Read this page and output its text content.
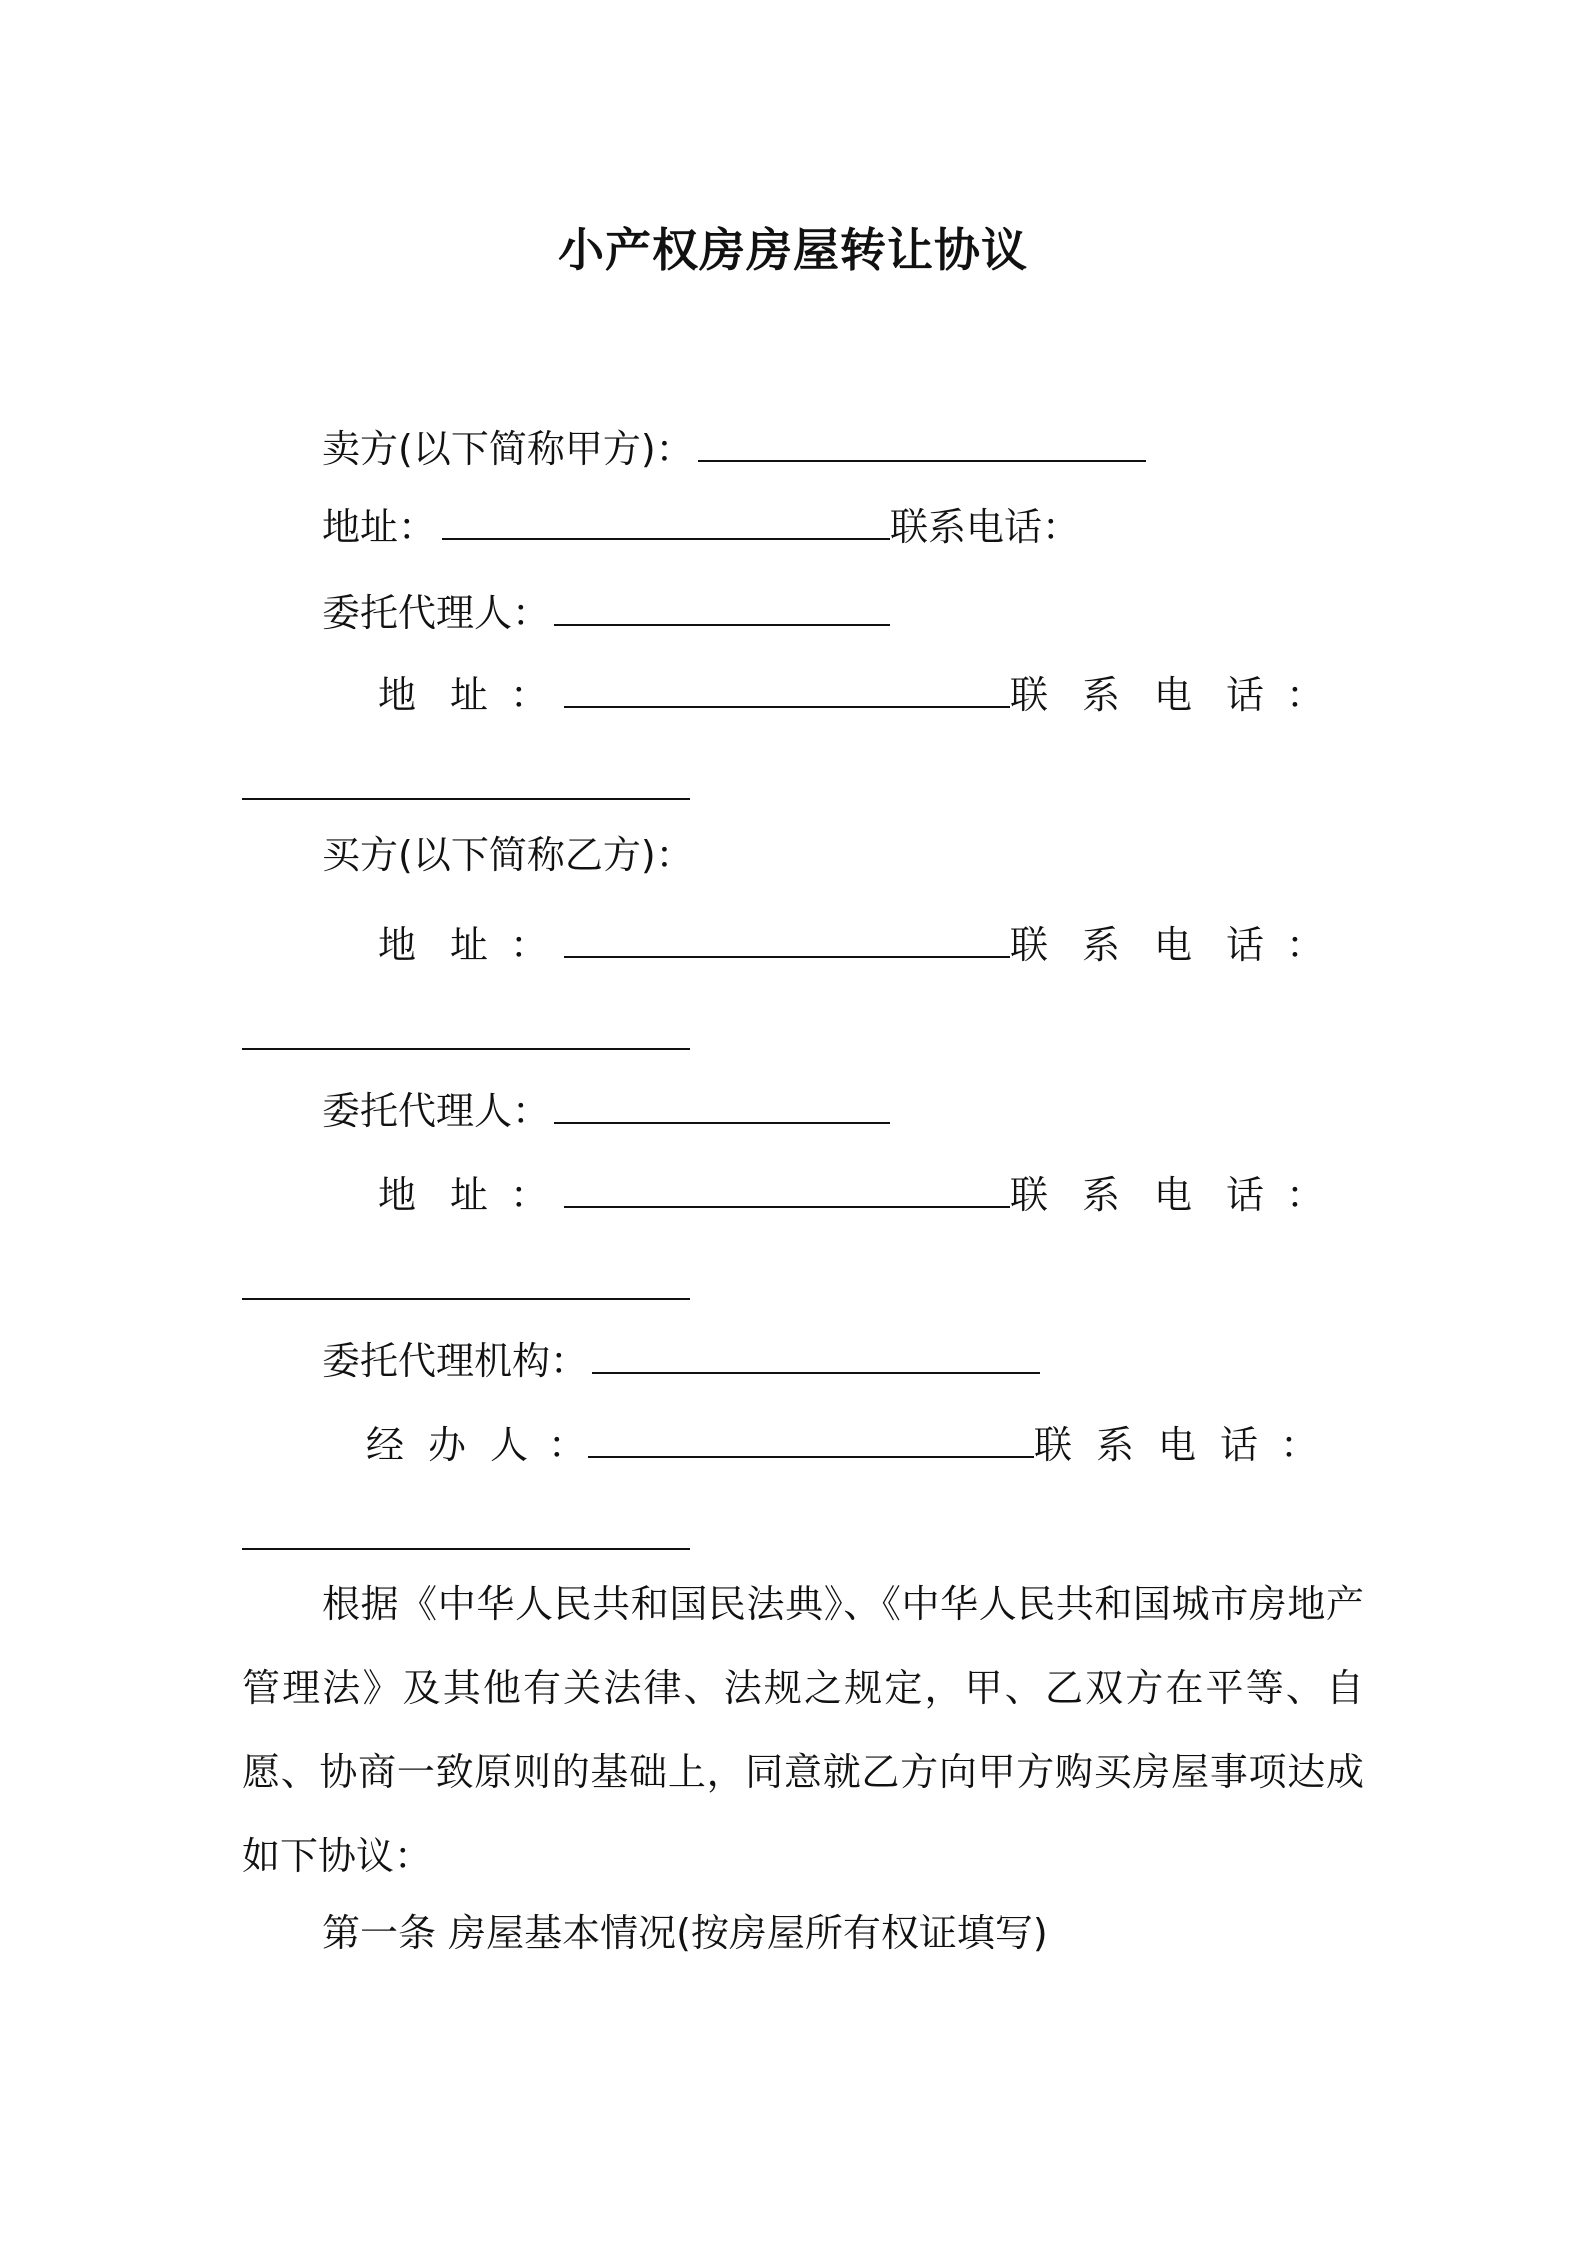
小产权房房屋转让协议
卖方(以下简称甲方)：
地址：	联系电话：
委托代理人：
地 址 ：	联 系 电 话 ：
买方(以下简称乙方)：
地 址 ：	联 系 电 话 ：
委托代理人：
地 址 ：	联 系 电 话 ：
委托代理机构：
经 办 人 ：	联 系 电 话 ：
根据《中华人民共和国民法典》、《中华人民共和国城市房地产管理法》及其他有关法律、法规之规定，甲、乙双方在平等、自愿、协商一致原则的基础上，同意就乙方向甲方购买房屋事项达成如下协议：
第一条 房屋基本情况(按房屋所有权证填写)
